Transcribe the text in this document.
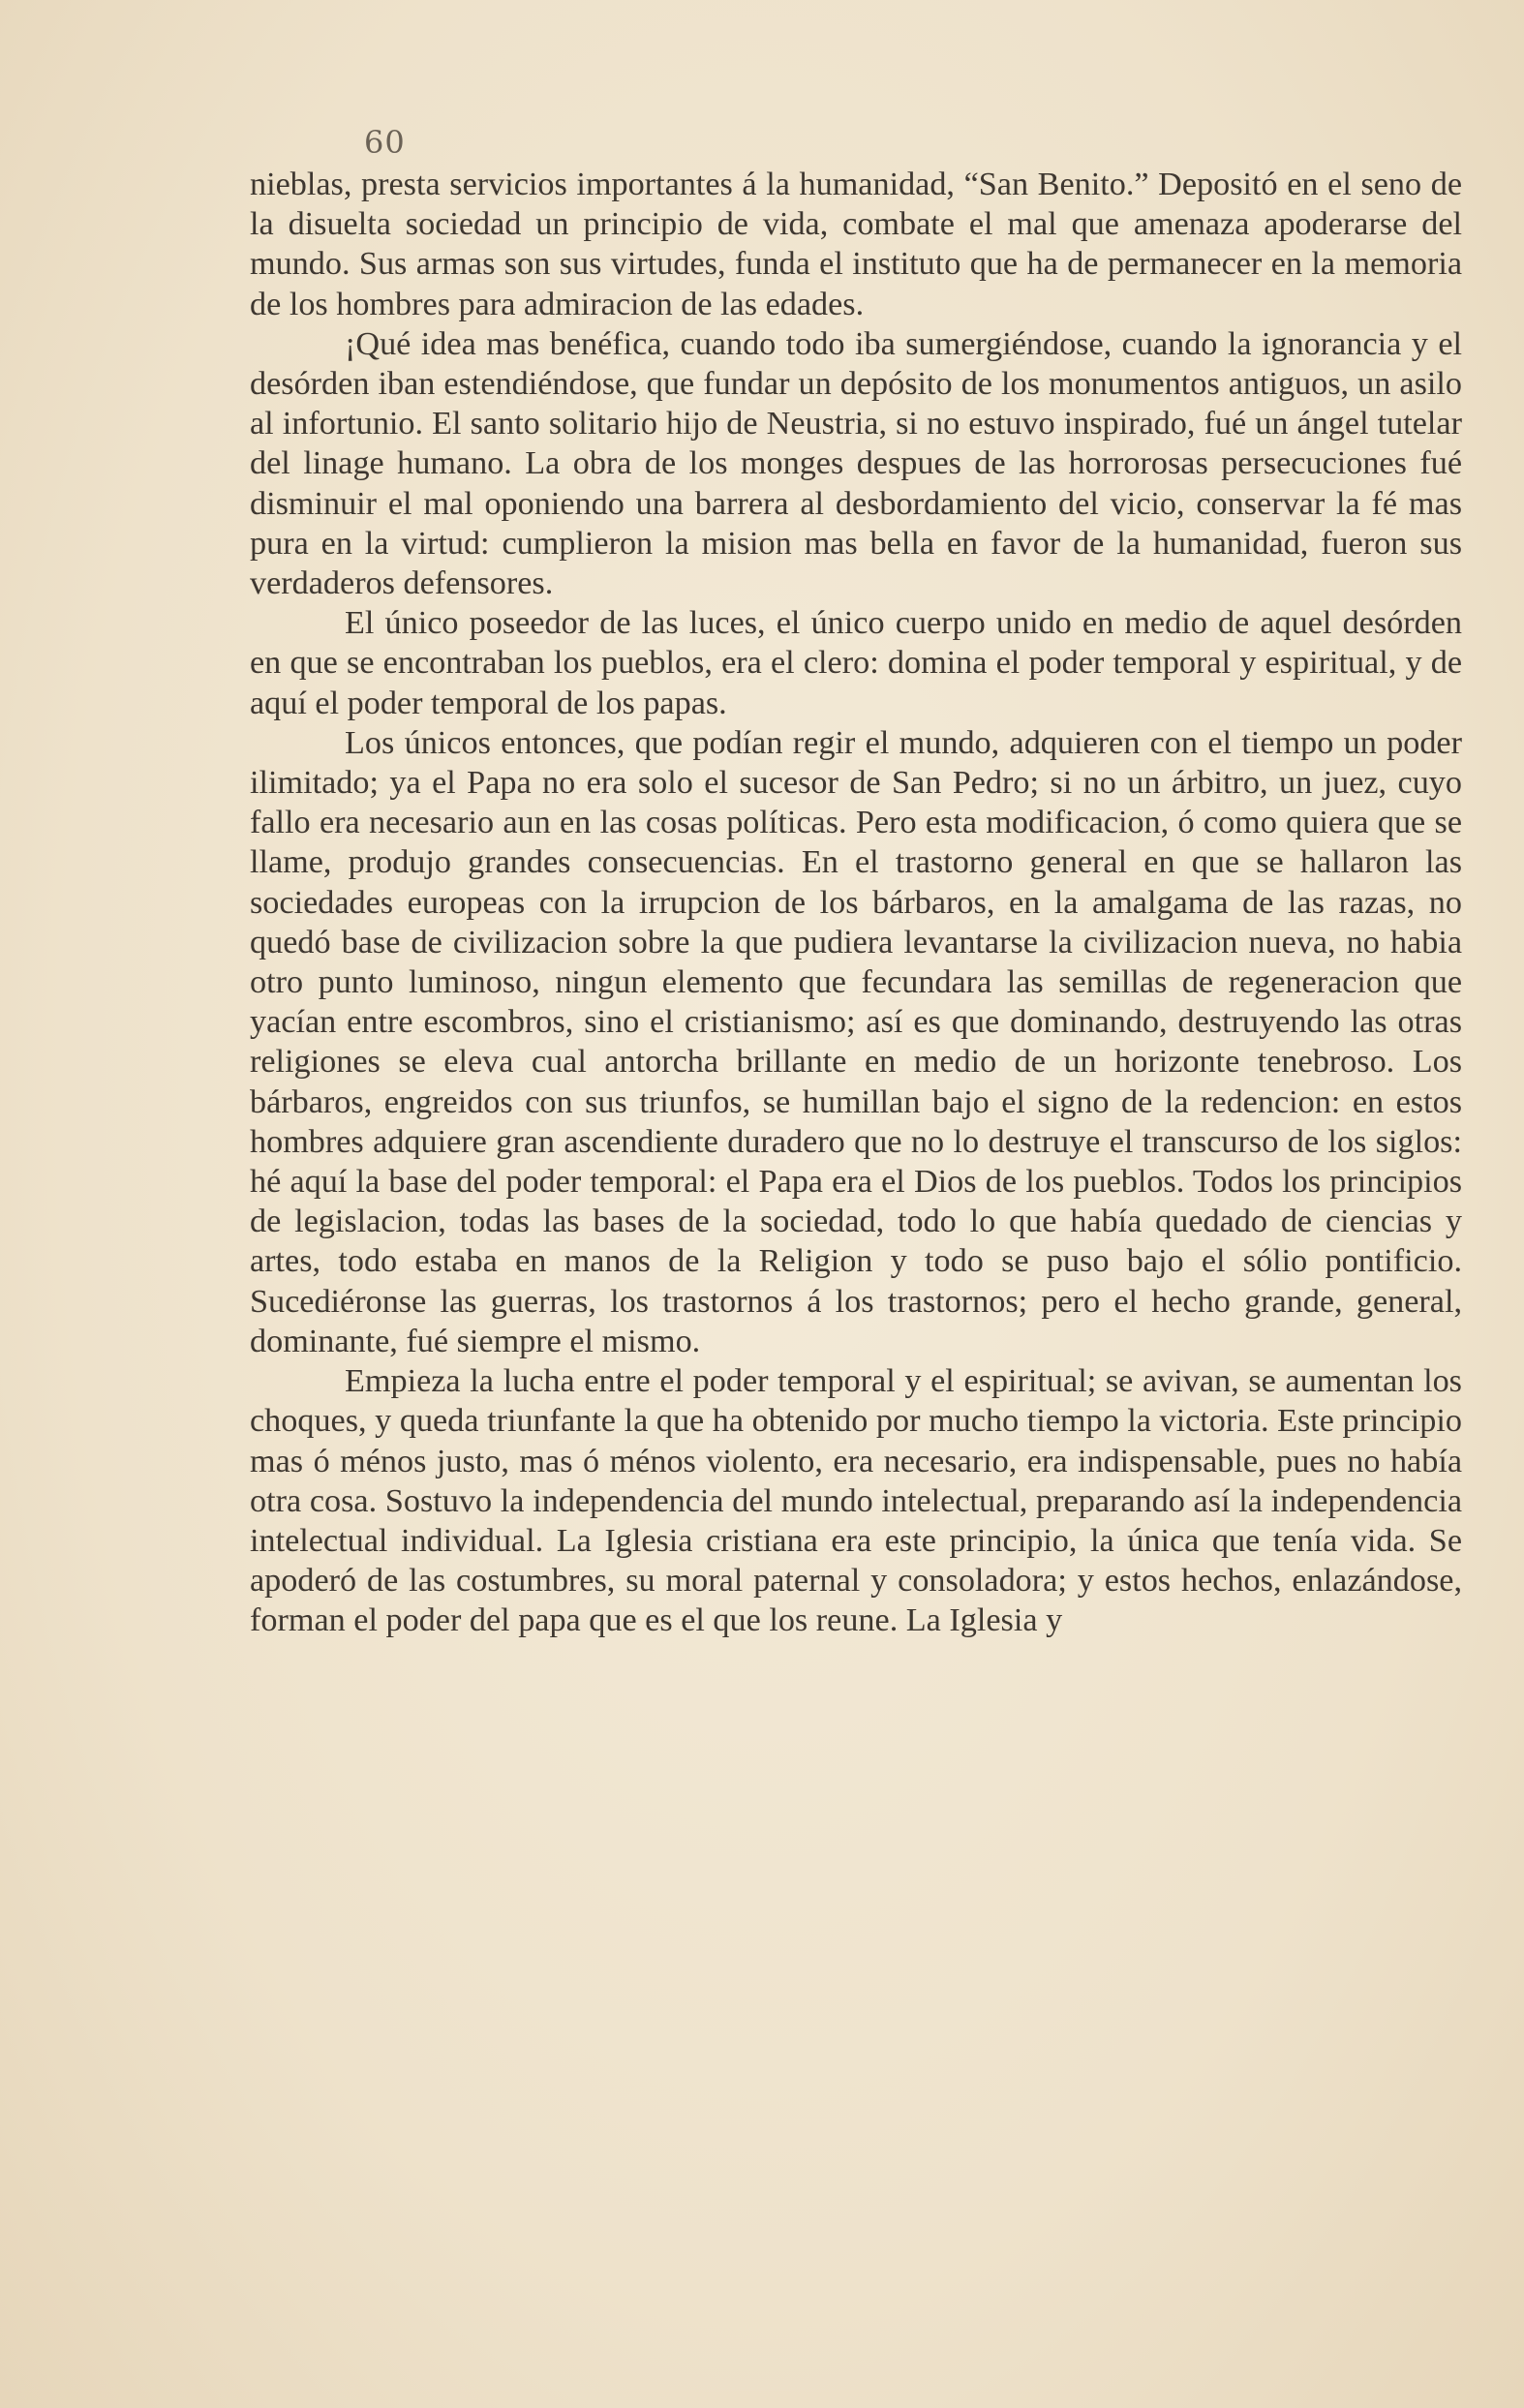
60

nieblas, presta servicios importantes á la humanidad, “San Benito.” Depositó en el seno de la disuelta sociedad un principio de vida, combate el mal que amenaza apoderarse del mundo. Sus armas son sus virtudes, funda el instituto que ha de permanecer en la memoria de los hombres para admiracion de las edades.

¡Qué idea mas benéfica, cuando todo iba sumergiéndose, cuando la ignorancia y el desórden iban estendiéndose, que fundar un depósito de los monumentos antiguos, un asilo al infortunio. El santo solitario hijo de Neustria, si no estuvo inspirado, fué un ángel tutelar del linage humano. La obra de los monges despues de las horrorosas persecuciones fué disminuir el mal oponiendo una barrera al desbordamiento del vicio, conservar la fé mas pura en la virtud: cumplieron la mision mas bella en favor de la humanidad, fueron sus verdaderos defensores.

El único poseedor de las luces, el único cuerpo unido en medio de aquel desórden en que se encontraban los pueblos, era el clero: domina el poder temporal y espiritual, y de aquí el poder temporal de los papas.

Los únicos entonces, que podían regir el mundo, adquieren con el tiempo un poder ilimitado; ya el Papa no era solo el sucesor de San Pedro; si no un árbitro, un juez, cuyo fallo era necesario aun en las cosas políticas. Pero esta modificacion, ó como quiera que se llame, produjo grandes consecuencias. En el trastorno general en que se hallaron las sociedades europeas con la irrupcion de los bárbaros, en la amalgama de las razas, no quedó base de civilizacion sobre la que pudiera levantarse la civilizacion nueva, no habia otro punto luminoso, ningun elemento que fecundara las semillas de regeneracion que yacían entre escombros, sino el cristianismo; así es que dominando, destruyendo las otras religiones se eleva cual antorcha brillante en medio de un horizonte tenebroso. Los bárbaros, engreidos con sus triunfos, se humillan bajo el signo de la redencion: en estos hombres adquiere gran ascendiente duradero que no lo destruye el transcurso de los siglos: hé aquí la base del poder temporal: el Papa era el Dios de los pueblos. Todos los principios de legislacion, todas las bases de la sociedad, todo lo que había quedado de ciencias y artes, todo estaba en manos de la Religion y todo se puso bajo el sólio pontificio. Sucediéronse las guerras, los trastornos á los trastornos; pero el hecho grande, general, dominante, fué siempre el mismo.

Empieza la lucha entre el poder temporal y el espiritual; se avivan, se aumentan los choques, y queda triunfante la que ha obtenido por mucho tiempo la victoria. Este principio mas ó ménos justo, mas ó ménos violento, era necesario, era indispensable, pues no había otra cosa. Sostuvo la independencia del mundo intelectual, preparando así la independencia intelectual individual. La Iglesia cristiana era este principio, la única que tenía vida. Se apoderó de las costumbres, su moral paternal y consoladora; y estos hechos, enlazándose, forman el poder del papa que es el que los reune. La Iglesia y
